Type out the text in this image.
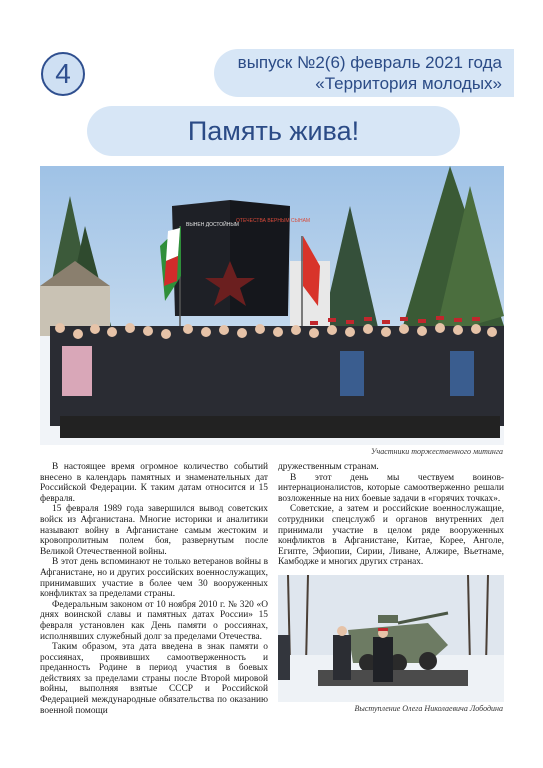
4	выпуск №2(6) февраль 2021 года
«Территория молодых»
Память жива!
ВЫНЕН ДОСТОЙНЫМ
ОТЕЧЕСТВА ВЕРНЫМ СЫНАМ
Участники торжественного митинга

В настоящее время огромное количество событий внесено в календарь памятных и знаменательных дат Российской Федерации. К таким датам относится и 15 февраля.

15 февраля 1989 года завершился вывод советских войск из Афганистана. Многие историки и аналитики называют войну в Афганистане самым жестоким и кровопролитным полем боя, развернутым после Великой Отечественной войны.

В этот день вспоминают не только ветеранов войны в Афганистане, но и других российских военнослужащих, принимавших участие в более чем 30 вооруженных конфликтах за пределами страны.

Федеральным законом от 10 ноября 2010 г. № 320 «О днях воинской славы и памятных датах России» 15 февраля установлен как День памяти о россиянах, исполнявших служебный долг за пределами Отечества.

Таким образом, эта дата введена в знак памяти о россиянах, проявивших самоотверженность и преданность Родине в период участия в боевых действиях за пределами страны после Второй мировой войны, выполняя взятые СССР и Российской Федерацией международные обязательства по оказанию военной помощи

дружественным странам.

В этот день мы чествуем воинов-интернационалистов, которые самоотверженно решали возложенные на них боевые задачи в «горячих точках».

Советские, а затем и российские военнослужащие, сотрудники спецслужб и органов внутренних дел принимали участие в целом ряде вооруженных конфликтов в Афганистане, Китае, Корее, Анголе, Египте, Эфиопии, Сирии, Ливане, Алжире, Вьетнаме, Камбодже и многих других странах.

Выступление Олега Николаевича Лободина
